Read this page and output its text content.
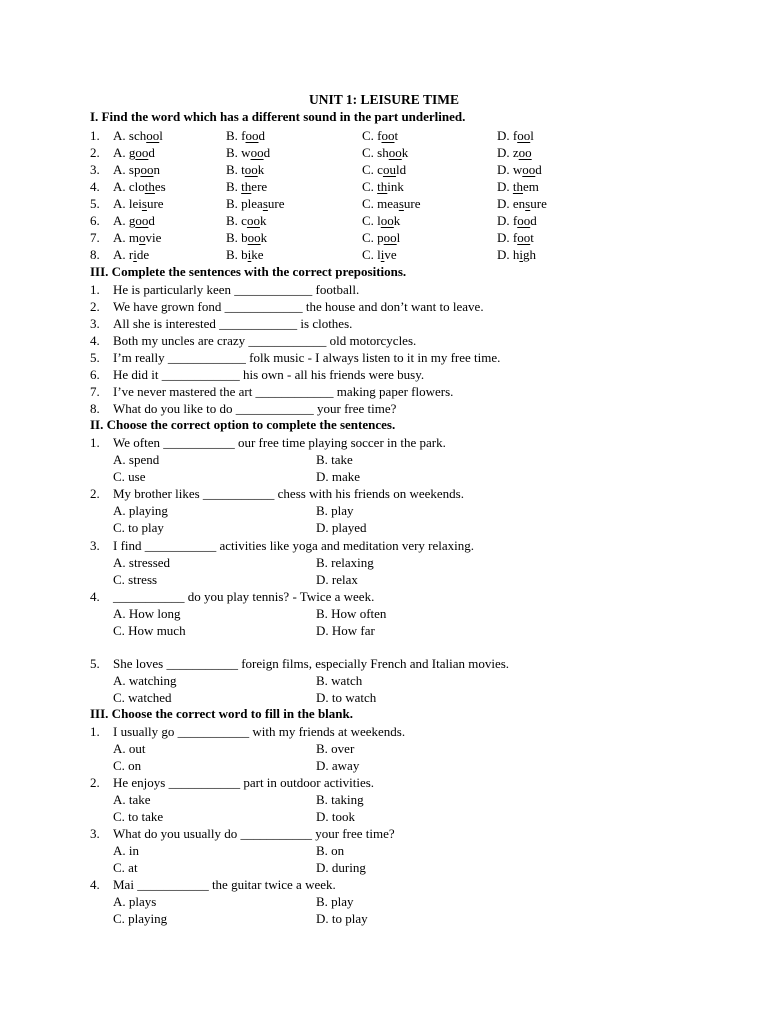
UNIT 1: LEISURE TIME
I. Find the word which has a different sound in the part underlined.
1. A. school	B. food	C. foot	D. fool
2. A. good	B. wood	C. shook	D. zoo
3. A. spoon	B. took	C. could	D. wood
4. A. clothes	B. there	C. think	D. them
5. A. leisure	B. pleasure	C. measure	D. ensure
6. A. good	B. cook	C. look	D. food
7. A. movie	B. book	C. pool	D. foot
8. A. ride	B. bike	C. live	D. high
III. Complete the sentences with the correct prepositions.
1. He is particularly keen ____________ football.
2. We have grown fond ____________ the house and don’t want to leave.
3. All she is interested ____________ is clothes.
4. Both my uncles are crazy ____________ old motorcycles.
5. I’m really ____________ folk music - I always listen to it in my free time.
6. He did it ____________ his own - all his friends were busy.
7. I’ve never mastered the art ____________ making paper flowers.
8. What do you like to do ____________ your free time?
II. Choose the correct option to complete the sentences.
1. We often ___________ our free time playing soccer in the park.
A. spend	B. take
C. use	D. make
2. My brother likes ___________ chess with his friends on weekends.
A. playing	B. play
C. to play	D. played
3. I find ___________ activities like yoga and meditation very relaxing.
A. stressed	B. relaxing
C. stress	D. relax
4. ___________ do you play tennis? - Twice a week.
A. How long	B. How often
C. How much	D. How far
5. She loves ___________ foreign films, especially French and Italian movies.
A. watching	B. watch
C. watched	D. to watch
III. Choose the correct word to fill in the blank.
1. I usually go ___________ with my friends at weekends.
A. out	B. over
C. on	D. away
2. He enjoys ___________ part in outdoor activities.
A. take	B. taking
C. to take	D. took
3. What do you usually do ___________ your free time?
A. in	B. on
C. at	D. during
4. Mai ___________ the guitar twice a week.
A. plays	B. play
C. playing	D. to play
